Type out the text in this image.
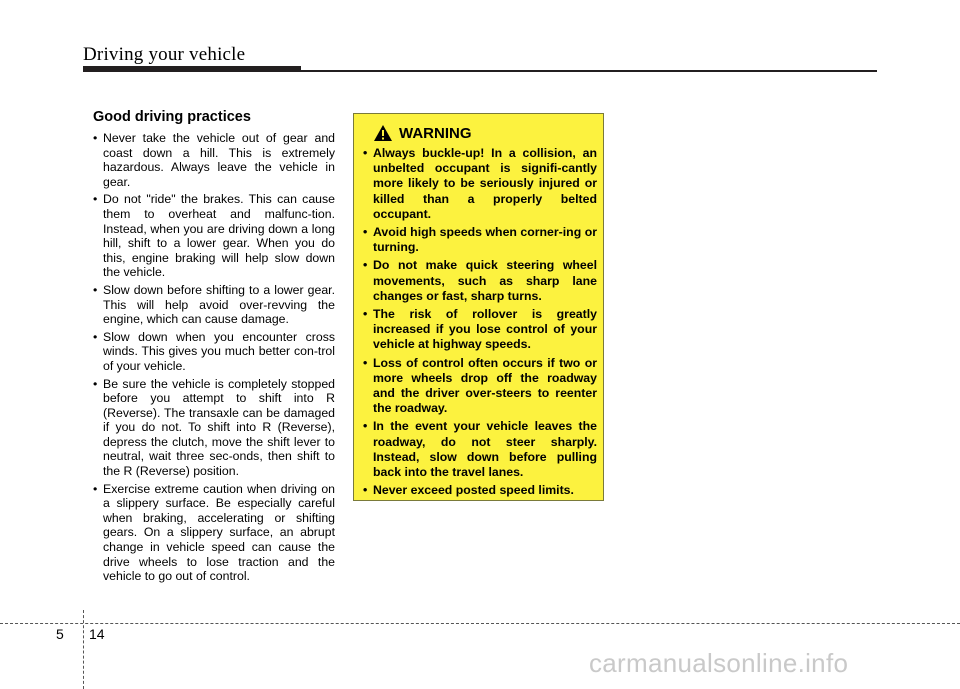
Driving your vehicle
Good driving practices
• Never take the vehicle out of gear and coast down a hill. This is extremely hazardous. Always leave the vehicle in gear.
• Do not "ride" the brakes. This can cause them to overheat and malfunc-tion. Instead, when you are driving down a long hill, shift to a lower gear. When you do this, engine braking will help slow down the vehicle.
• Slow down before shifting to a lower gear. This will help avoid over-revving the engine, which can cause damage.
• Slow down when you encounter cross winds. This gives you much better con-trol of your vehicle.
• Be sure the vehicle is completely stopped before you attempt to shift into R (Reverse). The transaxle can be damaged if you do not. To shift into R (Reverse), depress the clutch, move the shift lever to neutral, wait three sec-onds, then shift to the R (Reverse) position.
• Exercise extreme caution when driving on a slippery surface. Be especially careful when braking, accelerating or shifting gears. On a slippery surface, an abrupt change in vehicle speed can cause the drive wheels to lose traction and the vehicle to go out of control.
WARNING
• Always buckle-up! In a collision, an unbelted occupant is signifi-cantly more likely to be seriously injured or killed than a properly belted occupant.
• Avoid high speeds when corner-ing or turning.
• Do not make quick steering wheel movements, such as sharp lane changes or fast, sharp turns.
• The risk of rollover is greatly increased if you lose control of your vehicle at highway speeds.
• Loss of control often occurs if two or more wheels drop off the roadway and the driver over-steers to reenter the roadway.
• In the event your vehicle leaves the roadway, do not steer sharply. Instead, slow down before pulling back into the travel lanes.
• Never exceed posted speed limits.
5 14
carmanualsonline.info
